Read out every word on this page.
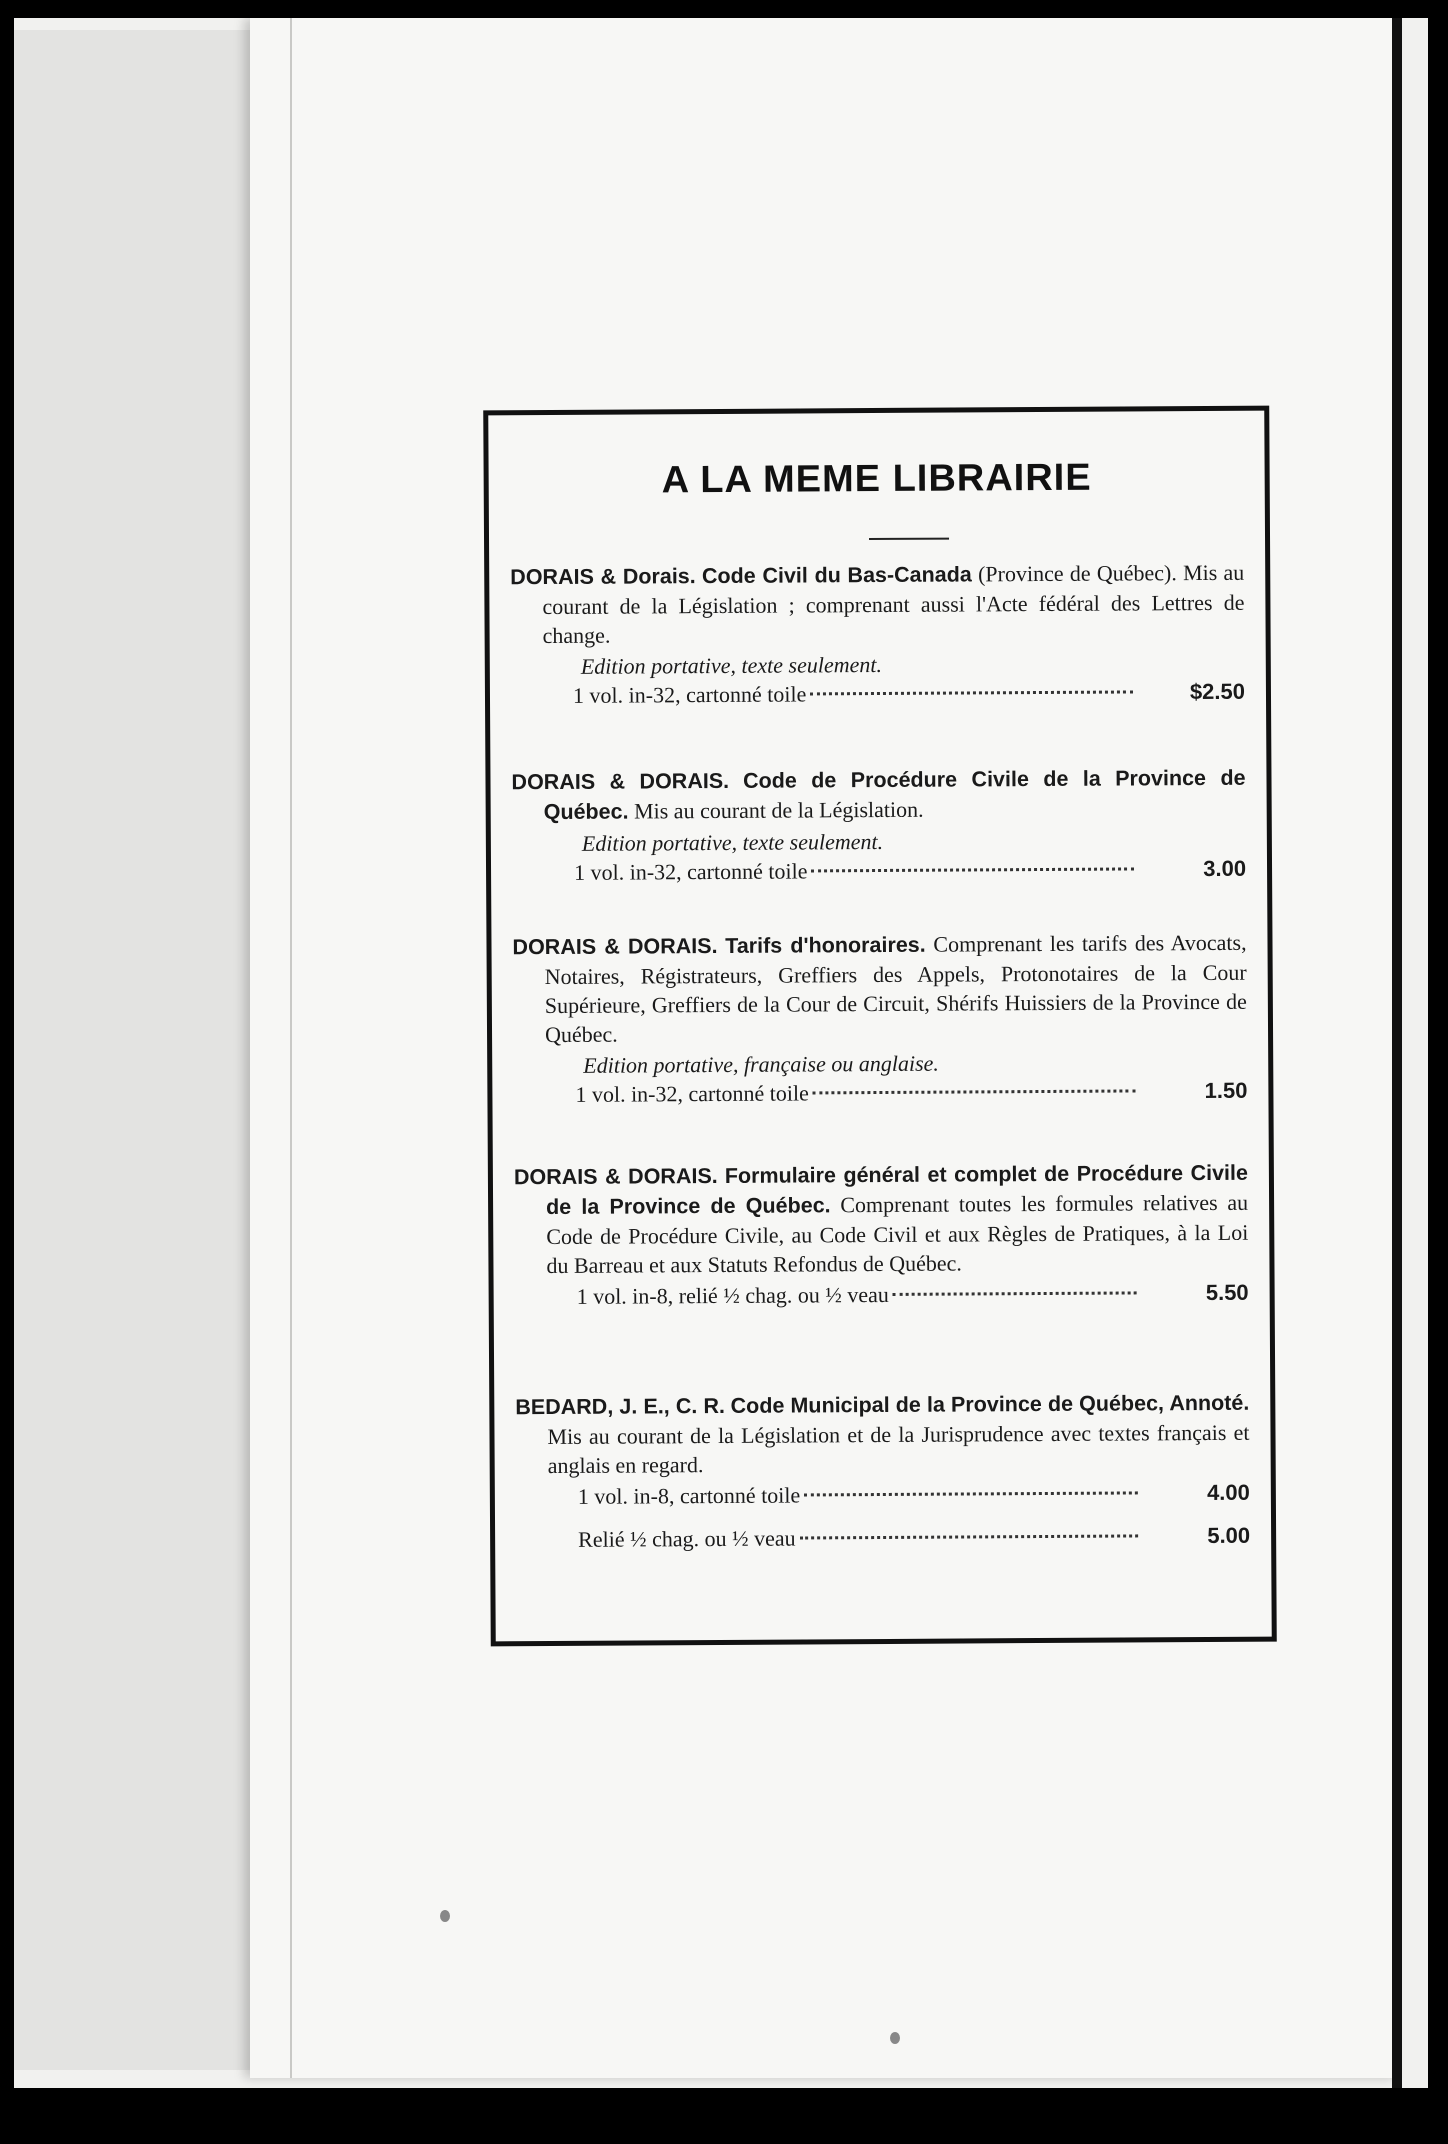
A LA MEME LIBRAIRIE

DORAIS & Dorais. Code Civil du Bas-Canada (Province de Québec). Mis au courant de la Législation ; comprenant aussi l'Acte fédéral des Lettres de change.

Edition portative, texte seulement.

1 vol. in-32, cartonné toile	$2.50

DORAIS & DORAIS. Code de Procédure Civile de la Province de Québec. Mis au courant de la Législation.

Edition portative, texte seulement.

1 vol. in-32, cartonné toile	3.00

DORAIS & DORAIS. Tarifs d'honoraires. Comprenant les tarifs des Avocats, Notaires, Régistrateurs, Greffiers des Appels, Protonotaires de la Cour Supérieure, Greffiers de la Cour de Circuit, Shérifs Huissiers de la Province de Québec.

Edition portative, française ou anglaise.

1 vol. in-32, cartonné toile	1.50

DORAIS & DORAIS. Formulaire général et complet de Procédure Civile de la Province de Québec. Comprenant toutes les formules relatives au Code de Procédure Civile, au Code Civil et aux Règles de Pratiques, à la Loi du Barreau et aux Statuts Refondus de Québec.

1 vol. in-8, relié ½ chag. ou ½ veau	5.50

BEDARD, J. E., C. R. Code Municipal de la Province de Québec, Annoté. Mis au courant de la Législation et de la Jurisprudence avec textes français et anglais en regard.

1 vol. in-8, cartonné toile	4.00

Relié ½ chag. ou ½ veau	5.00
